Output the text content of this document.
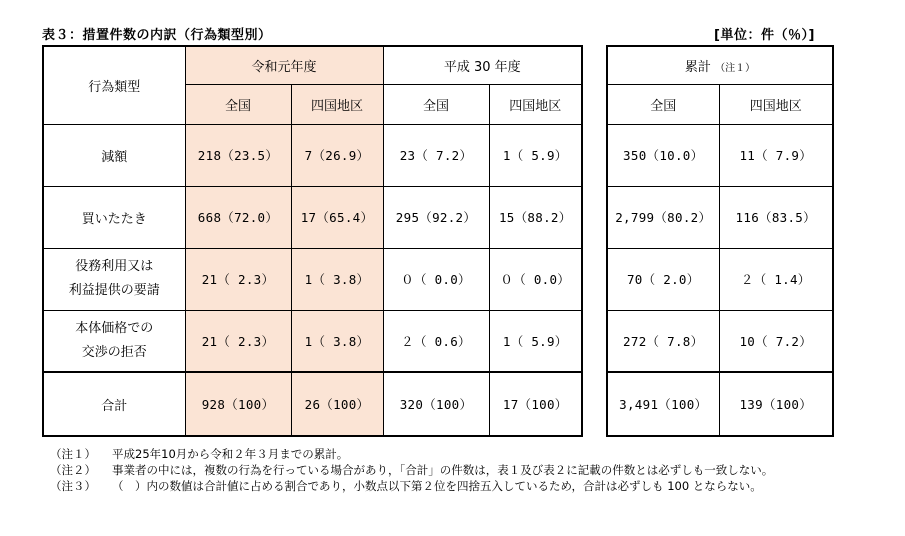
表３：措置件数の内訳（行為類型別）	[単位：件（％）]
行為類型	令和元年度		平成 30 年度	
	全国	四国地区	全国	四国地区
減額	218（23.5）	7（26.9）	23（ 7.2）	1（ 5.9）
買いたたき	668（72.0）	17（65.4）	295（92.2）	15（88.2）

役務利用又は
利益提供の要請	21（ 2.3）	1（ 3.8）	０（ 0.0）	０（ 0.0）

本体価格での
交渉の拒否	21（ 2.3）	1（ 3.8）	２（ 0.6）	1（ 5.9）
合計	928（100）	26（100）	320（100）	17（100）
累計 （注１）	
全国	四国地区
350（10.0）	11（ 7.9）
2,799（80.2）	116（83.5）
70（ 2.0）	２（ 1.4）
272（ 7.8）	10（ 7.2）
3,491（100）	139（100）
（注１） 平成25年10月から令和２年３月までの累計。
（注２） 事業者の中には，複数の行為を行っている場合があり，「合計」の件数は，表１及び表２に記載の件数とは必ずしも一致しない。
（注３） （　）内の数値は合計値に占める割合であり，小数点以下第２位を四捨五入しているため，合計は必ずしも 100 とならない。
